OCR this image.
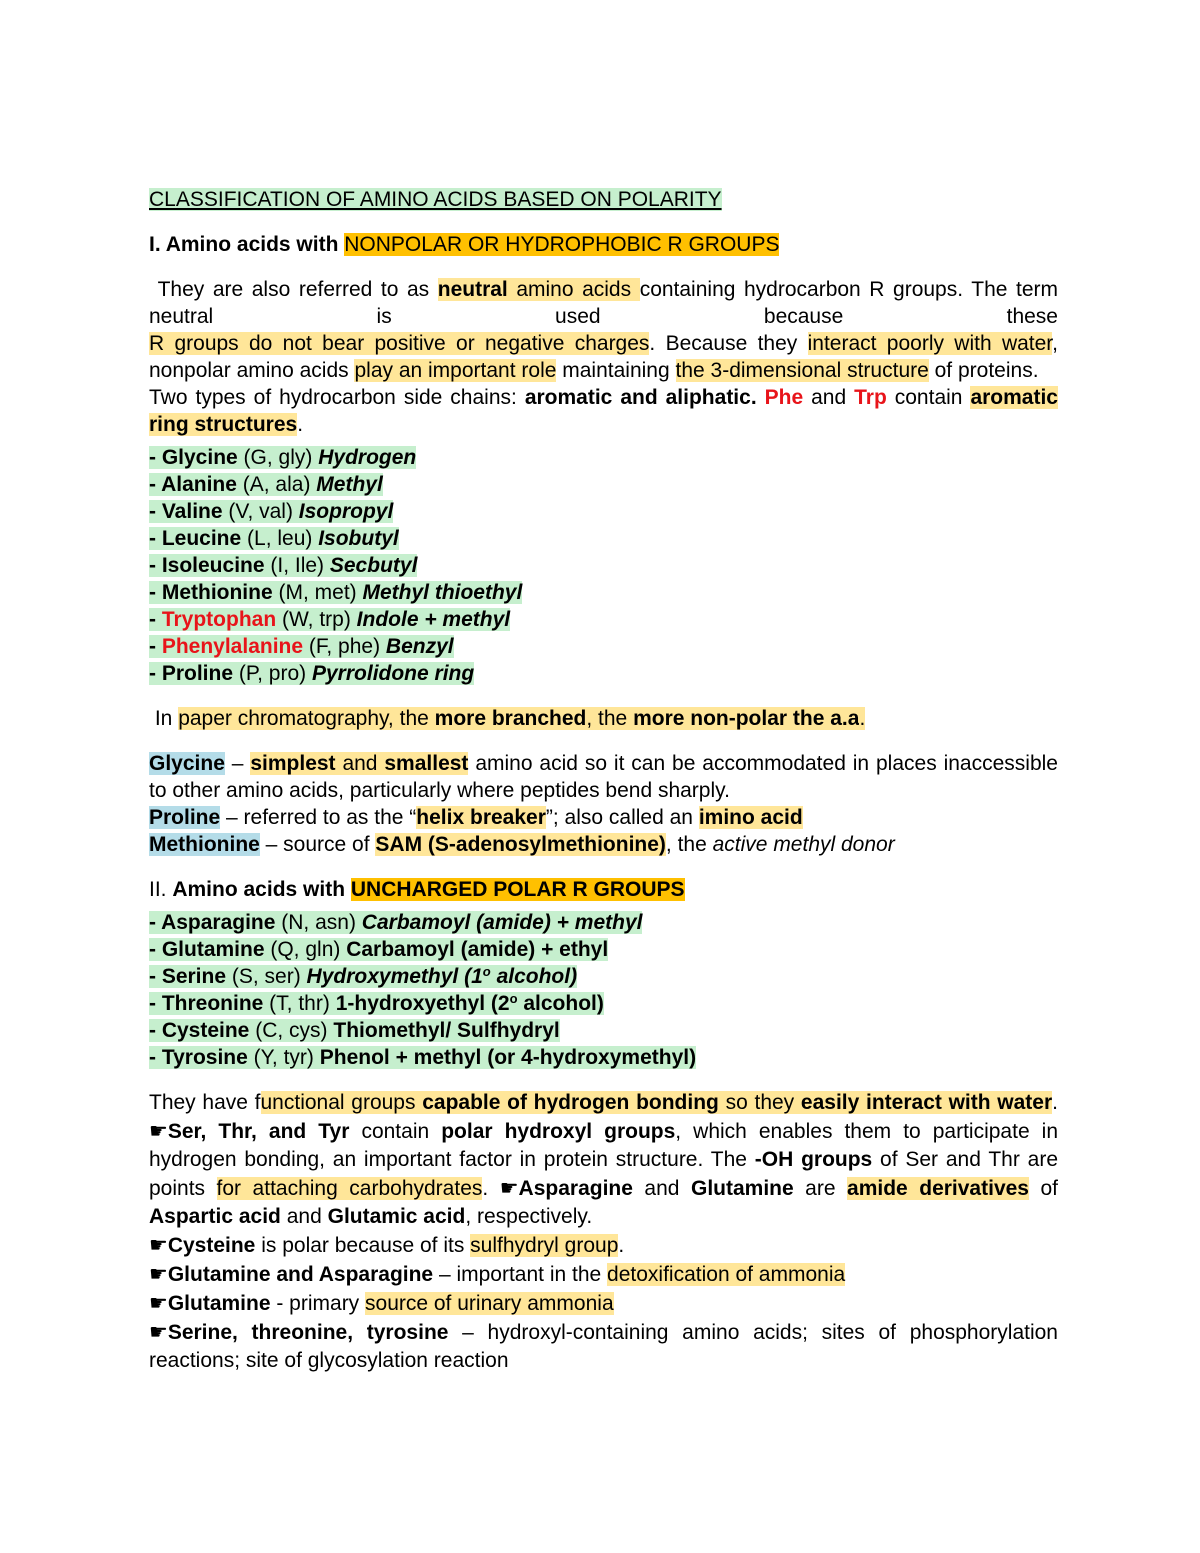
CLASSIFICATION OF AMINO ACIDS BASED ON POLARITY
I. Amino acids with NONPOLAR OR HYDROPHOBIC R GROUPS
They are also referred to as neutral amino acids containing hydrocarbon R groups. The term neutral is used because these
R groups do not bear positive or negative charges. Because they interact poorly with water, nonpolar amino acids play an important role maintaining the 3-dimensional structure of proteins.
Two types of hydrocarbon side chains: aromatic and aliphatic. Phe and Trp contain aromatic ring structures.
- Glycine (G, gly) Hydrogen
- Alanine (A, ala) Methyl
- Valine (V, val) Isopropyl
- Leucine (L, leu) Isobutyl
- Isoleucine (I, Ile) Secbutyl
- Methionine (M, met) Methyl thioethyl
- Tryptophan (W, trp) Indole + methyl
- Phenylalanine (F, phe) Benzyl
- Proline (P, pro) Pyrrolidone ring
In paper chromatography, the more branched, the more non-polar the a.a.
Glycine – simplest and smallest amino acid so it can be accommodated in places inaccessible to other amino acids, particularly where peptides bend sharply.
Proline – referred to as the “helix breaker”; also called an imino acid
Methionine – source of SAM (S-adenosylmethionine), the active methyl donor
II. Amino acids with UNCHARGED POLAR R GROUPS
- Asparagine (N, asn) Carbamoyl (amide) + methyl
- Glutamine (Q, gln) Carbamoyl (amide) + ethyl
- Serine (S, ser) Hydroxymethyl (1$^o$ alcohol)
- Threonine (T, thr) 1-hydroxyethyl (2$^o$ alcohol)
- Cysteine (C, cys) Thiomethyl/ Sulfhydryl
- Tyrosine (Y, tyr) Phenol + methyl (or 4-hydroxymethyl)
They have functional groups capable of hydrogen bonding so they easily interact with water. ☛Ser, Thr, and Tyr contain polar hydroxyl groups, which enables them to participate in hydrogen bonding, an important factor in protein structure. The -OH groups of Ser and Thr are points for attaching carbohydrates. ☛Asparagine and Glutamine are amide derivatives of Aspartic acid and Glutamic acid, respectively.
☛Cysteine is polar because of its sulfhydryl group.
☛Glutamine and Asparagine – important in the detoxification of ammonia
☛Glutamine - primary source of urinary ammonia
☛Serine, threonine, tyrosine – hydroxyl-containing amino acids; sites of phosphorylation reactions; site of glycosylation reaction
